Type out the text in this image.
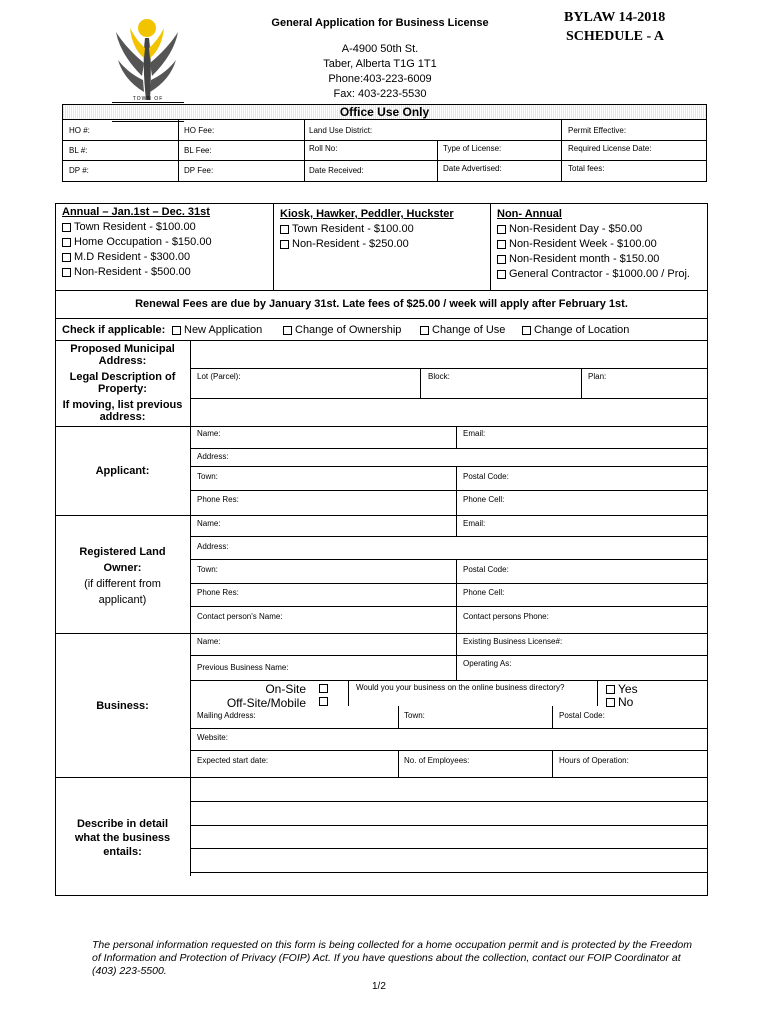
TOWN OF
General Application for Business License
A-4900 50th St.
Taber, Alberta T1G 1T1
Phone:403-223-6009
Fax: 403-223-5530
BYLAW 14-2018
SCHEDULE - A
Office Use Only
HO #:	HO Fee:	Land Use District:	Permit Effective:
BL #:	BL Fee:	Roll No:	Type of License:	Required License Date:
DP #:	DP Fee:	Date Received:	Date Advertised:	Total fees:
Annual – Jan.1st – Dec. 31st
Town Resident - $100.00
Home Occupation - $150.00
M.D Resident - $300.00
Non-Resident - $500.00
Kiosk, Hawker, Peddler, Huckster
Town Resident - $100.00
Non-Resident - $250.00
Non- Annual
Non-Resident Day - $50.00
Non-Resident Week - $100.00
Non-Resident month - $150.00
General Contractor - $1000.00 / Proj.
Renewal Fees are due by January 31st. Late fees of $25.00 / week will apply after February 1st.
Check if applicable:	New Application	Change of Ownership	Change of Use	Change of Location
Proposed Municipal Address:
Legal Description of Property:
If moving, list previous address:
Lot (Parcel):	Block:	Plan:
Applicant:
Name:	Email:
Address:
Town:	Postal Code:
Phone Res:	Phone Cell:
Registered Land
Owner:
(if different from
applicant)
Name:	Email:
Address:
Town:	Postal Code:
Phone Res:	Phone Cell:
Contact person's Name:	Contact persons Phone:
Business:
Name:	Existing Business License#:
Previous Business Name:	Operating As:
On-Site
Off-Site/Mobile
Would you your business on the online business directory?	Yes
No
Mailing Address:	Town:	Postal Code:
Website:
Expected start date:	No. of Employees:	Hours of Operation:
Describe in detail what the business entails:
The personal information requested on this form is being collected for a home occupation permit and is protected by the Freedom of Information and Protection of Privacy (FOIP) Act. If you have questions about the collection, contact our FOIP Coordinator at (403) 223-5500.
1/2
